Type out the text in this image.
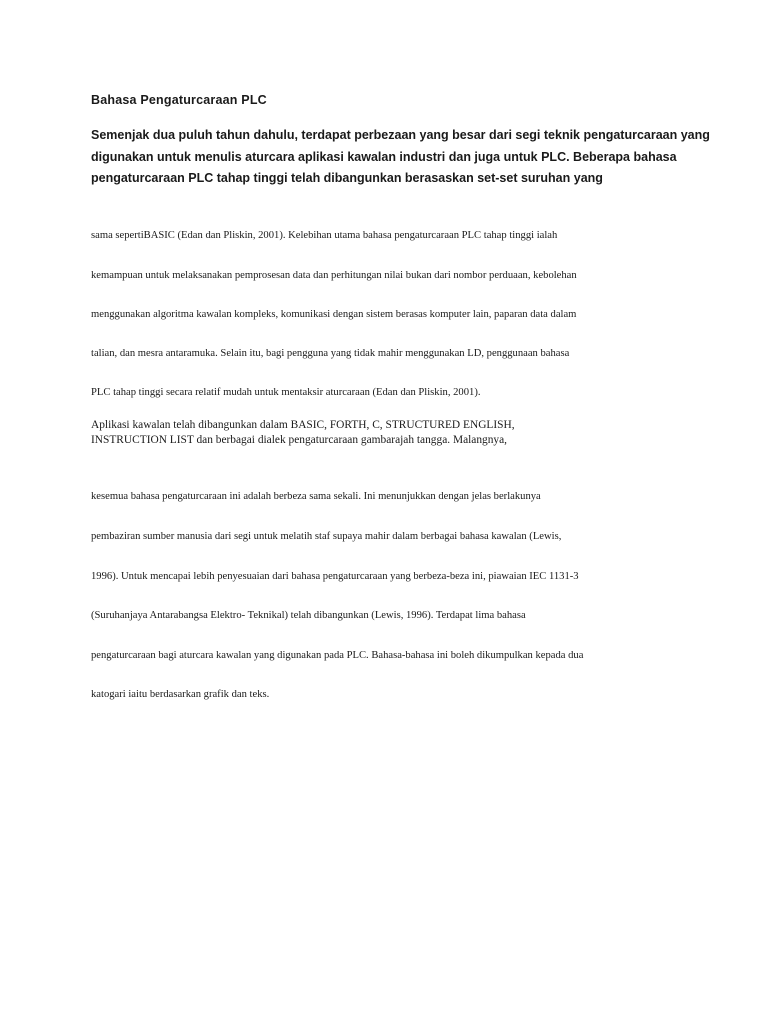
Bahasa Pengaturcaraan PLC

Semenjak dua puluh tahun dahulu, terdapat perbezaan yang besar dari segi teknik pengaturcaraan yang
digunakan untuk menulis aturcara aplikasi kawalan industri dan juga untuk PLC. Beberapa bahasa
pengaturcaraan PLC tahap tinggi telah dibangunkan berasaskan set-set suruhan yang

sama sepertiBASIC (Edan dan Pliskin, 2001). Kelebihan utama bahasa pengaturcaraan PLC tahap tinggi ialah

kemampuan untuk melaksanakan pemprosesan data dan perhitungan nilai bukan dari nombor perduaan, kebolehan

menggunakan algoritma kawalan kompleks, komunikasi dengan sistem berasas komputer lain, paparan data dalam

talian, dan mesra antaramuka. Selain itu, bagi pengguna yang tidak mahir menggunakan LD, penggunaan bahasa

PLC tahap tinggi secara relatif mudah untuk mentaksir aturcaraan (Edan dan Pliskin, 2001).

Aplikasi kawalan telah dibangunkan dalam BASIC, FORTH, C, STRUCTURED ENGLISH,
INSTRUCTION LIST dan berbagai dialek pengaturcaraan gambarajah tangga. Malangnya,

kesemua bahasa pengaturcaraan ini adalah berbeza sama sekali. Ini menunjukkan dengan jelas berlakunya

pembaziran sumber manusia dari segi untuk melatih staf supaya mahir dalam berbagai bahasa kawalan (Lewis,

1996). Untuk mencapai lebih penyesuaian dari bahasa pengaturcaraan yang berbeza-beza ini, piawaian IEC 1131-3

(Suruhanjaya Antarabangsa Elektro- Teknikal) telah dibangunkan (Lewis, 1996). Terdapat lima bahasa

pengaturcaraan bagi aturcara kawalan yang digunakan pada PLC. Bahasa-bahasa ini boleh dikumpulkan kepada dua

katogari iaitu berdasarkan grafik dan teks.
